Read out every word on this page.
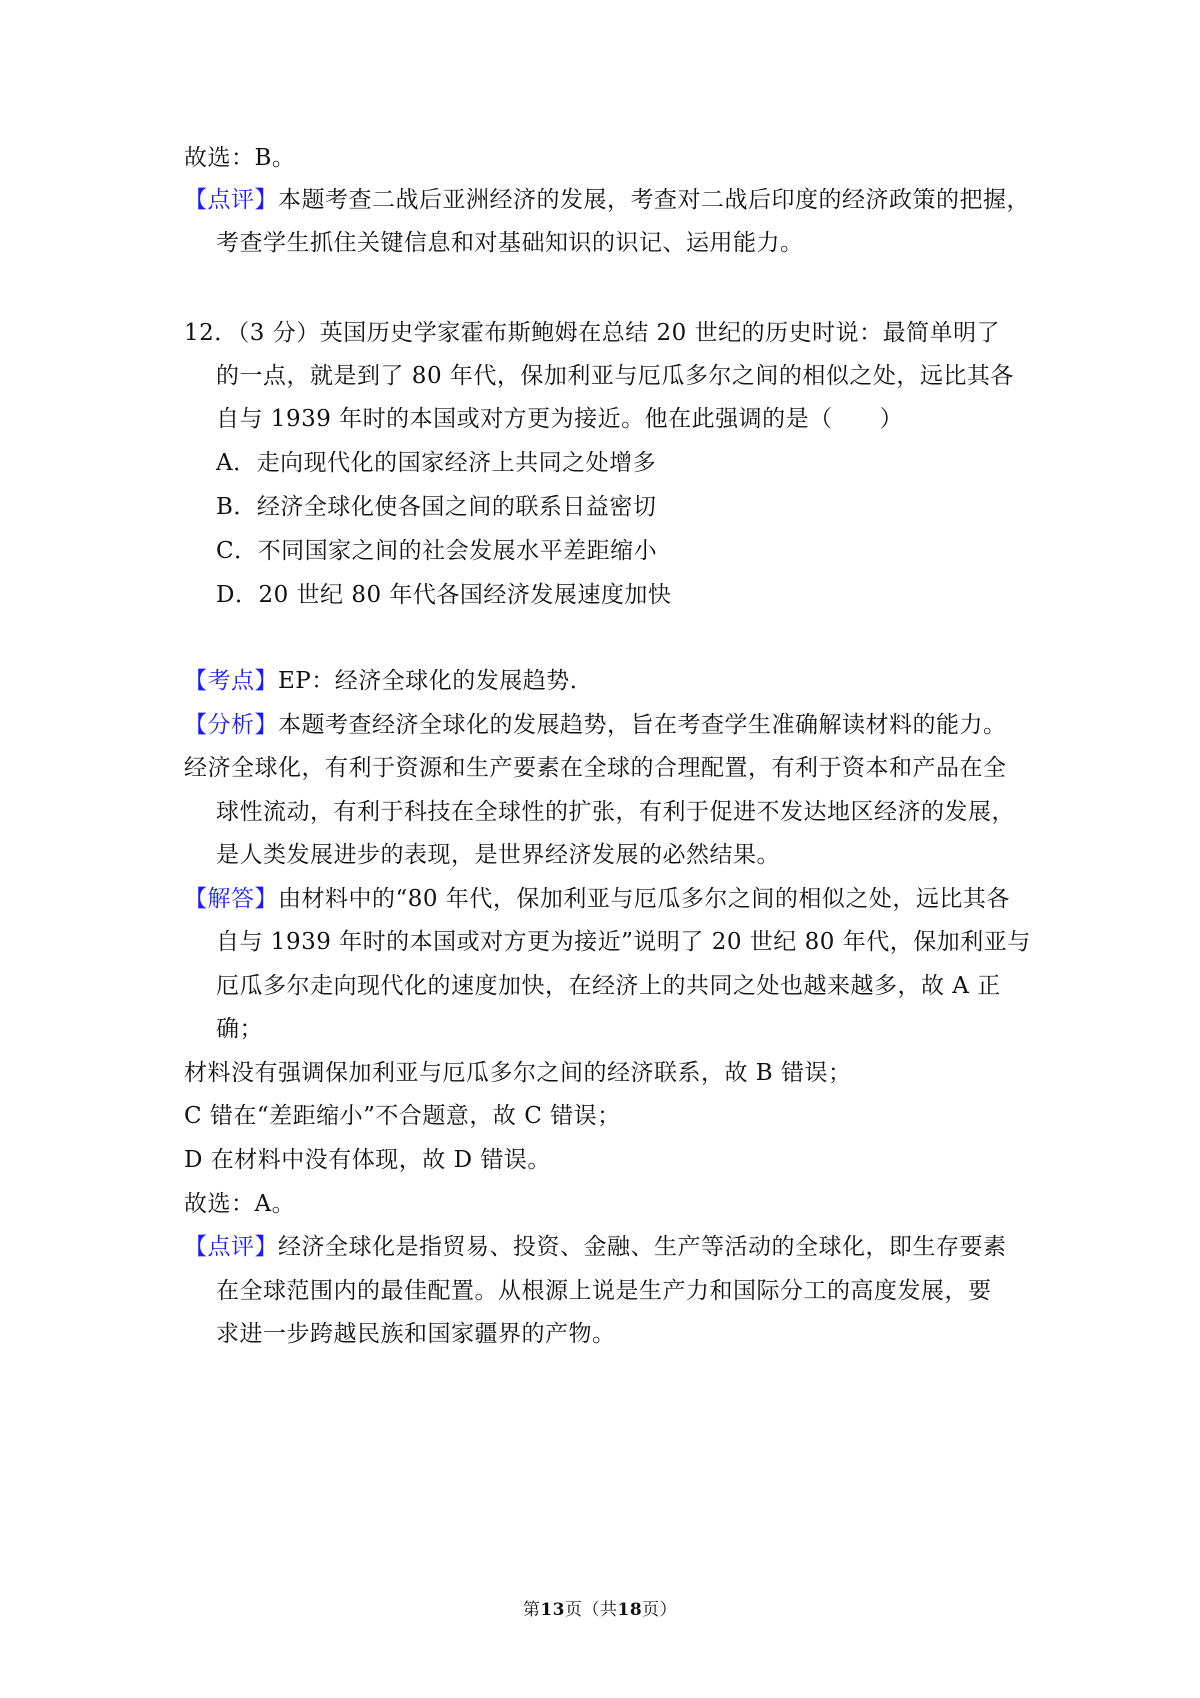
故选：B。
【点评】本题考查二战后亚洲经济的发展，考查对二战后印度的经济政策的把握，
考查学生抓住关键信息和对基础知识的识记、运用能力。
12．（3 分）英国历史学家霍布斯鲍姆在总结 20 世纪的历史时说：最简单明了
的一点，就是到了 80 年代，保加利亚与厄瓜多尔之间的相似之处，远比其各
自与 1939 年时的本国或对方更为接近。他在此强调的是（　　）
A．走向现代化的国家经济上共同之处增多
B．经济全球化使各国之间的联系日益密切
C．不同国家之间的社会发展水平差距缩小
D．20 世纪 80 年代各国经济发展速度加快
【考点】EP：经济全球化的发展趋势．
【分析】本题考查经济全球化的发展趋势，旨在考查学生准确解读材料的能力。
经济全球化，有利于资源和生产要素在全球的合理配置，有利于资本和产品在全
球性流动，有利于科技在全球性的扩张，有利于促进不发达地区经济的发展，
是人类发展进步的表现，是世界经济发展的必然结果。
【解答】由材料中的“80 年代，保加利亚与厄瓜多尔之间的相似之处，远比其各
自与 1939 年时的本国或对方更为接近”说明了 20 世纪 80 年代，保加利亚与
厄瓜多尔走向现代化的速度加快，在经济上的共同之处也越来越多，故 A 正
确；
材料没有强调保加利亚与厄瓜多尔之间的经济联系，故 B 错误；
C 错在“差距缩小”不合题意，故 C 错误；
D 在材料中没有体现，故 D 错误。
故选：A。
【点评】经济全球化是指贸易、投资、金融、生产等活动的全球化，即生存要素
在全球范围内的最佳配置。从根源上说是生产力和国际分工的高度发展，要
求进一步跨越民族和国家疆界的产物。
第13页（共18页）
